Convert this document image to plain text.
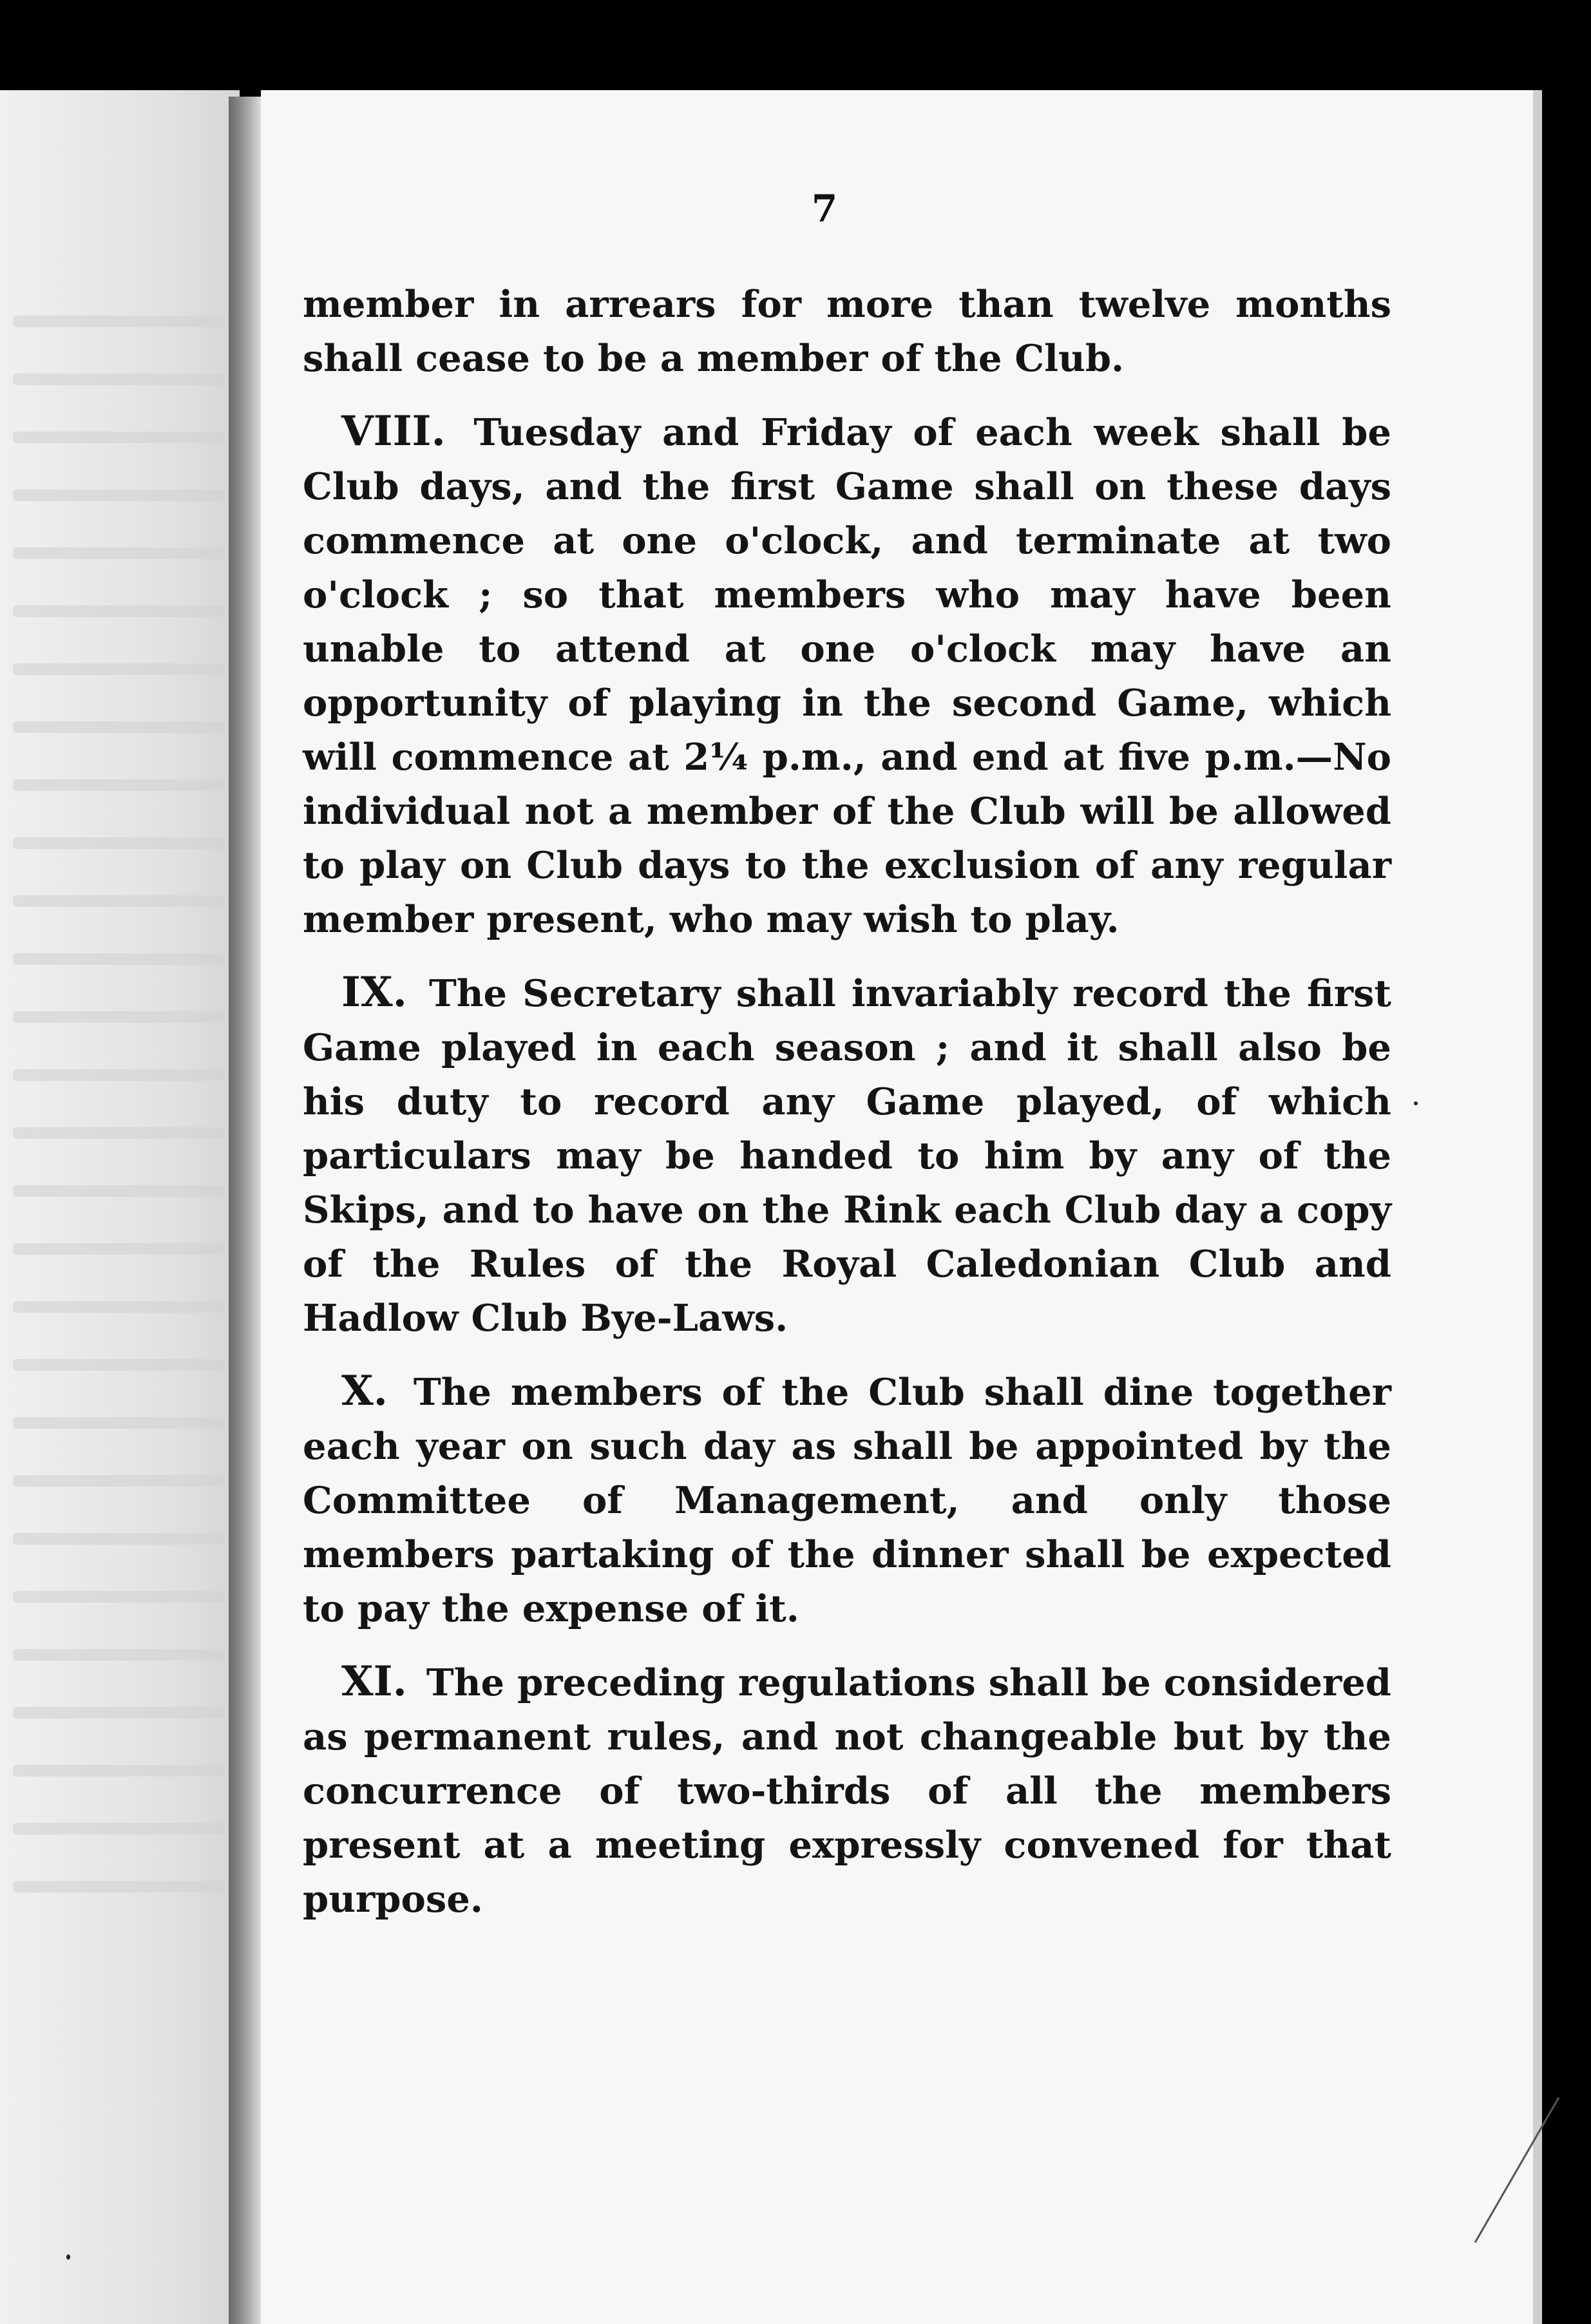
7

member in arrears for more than twelve months shall cease to be a member of the Club.

VIII. Tuesday and Friday of each week shall be Club days, and the first Game shall on these days commence at one o'clock, and terminate at two o'clock ; so that members who may have been unable to attend at one o'clock may have an opportunity of playing in the second Game, which will commence at 2¼ p.m., and end at five p.m.—No individual not a member of the Club will be allowed to play on Club days to the exclusion of any regular member present, who may wish to play.

IX. The Secretary shall invariably record the first Game played in each season ; and it shall also be his duty to record any Game played, of which particulars may be handed to him by any of the Skips, and to have on the Rink each Club day a copy of the Rules of the Royal Caledonian Club and Hadlow Club Bye-Laws.

X. The members of the Club shall dine together each year on such day as shall be appointed by the Committee of Management, and only those members partaking of the dinner shall be expected to pay the expense of it.

XI. The preceding regulations shall be considered as permanent rules, and not changeable but by the concurrence of two-thirds of all the members present at a meeting expressly convened for that purpose.
